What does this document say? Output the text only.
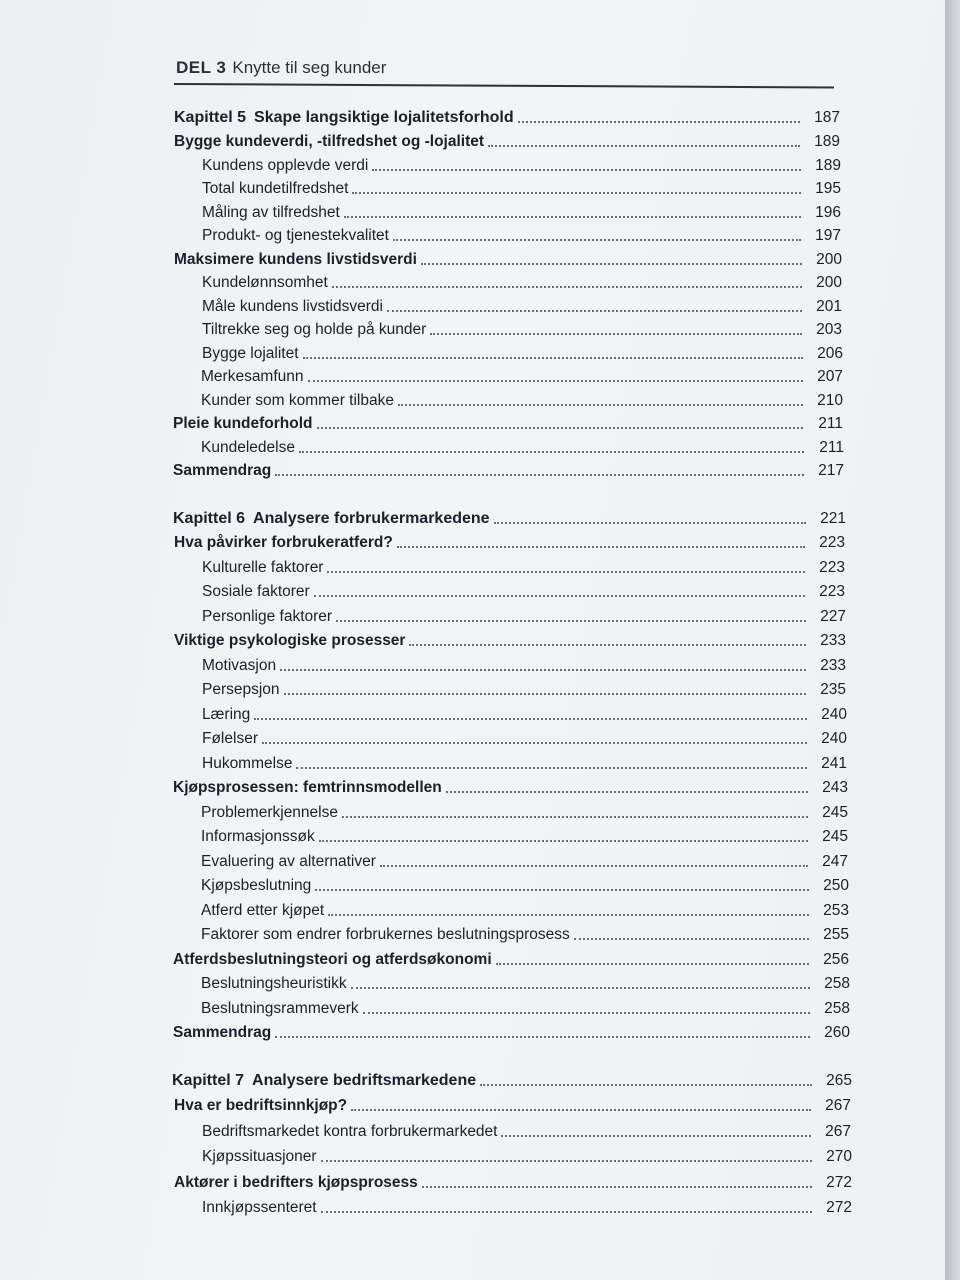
DEL 3 Knytte til seg kunder
Kapittel 5 Skape langsiktige lojalitetsforhold	187
Bygge kundeverdi, -tilfredshet og -lojalitet	189
Kundens opplevde verdi	189
Total kundetilfredshet	195
Måling av tilfredshet	196
Produkt- og tjenestekvalitet	197
Maksimere kundens livstidsverdi	200
Kundelønnsomhet	200
Måle kundens livstidsverdi	201
Tiltrekke seg og holde på kunder	203
Bygge lojalitet	206
Merkesamfunn	207
Kunder som kommer tilbake	210
Pleie kundeforhold	211
Kundeledelse	211
Sammendrag	217
Kapittel 6 Analysere forbrukermarkedene	221
Hva påvirker forbrukeratferd?	223
Kulturelle faktorer	223
Sosiale faktorer	223
Personlige faktorer	227
Viktige psykologiske prosesser	233
Motivasjon	233
Persepsjon	235
Læring	240
Følelser	240
Hukommelse	241
Kjøpsprosessen: femtrinnsmodellen	243
Problemerkjennelse	245
Informasjonssøk	245
Evaluering av alternativer	247
Kjøpsbeslutning	250
Atferd etter kjøpet	253
Faktorer som endrer forbrukernes beslutningsprosess	255
Atferdsbeslutningsteori og atferdsøkonomi	256
Beslutningsheuristikk	258
Beslutningsrammeverk	258
Sammendrag	260
Kapittel 7 Analysere bedriftsmarkedene	265
Hva er bedriftsinnkjøp?	267
Bedriftsmarkedet kontra forbrukermarkedet	267
Kjøpssituasjoner	270
Aktører i bedrifters kjøpsprosess	272
Innkjøpssenteret	272
